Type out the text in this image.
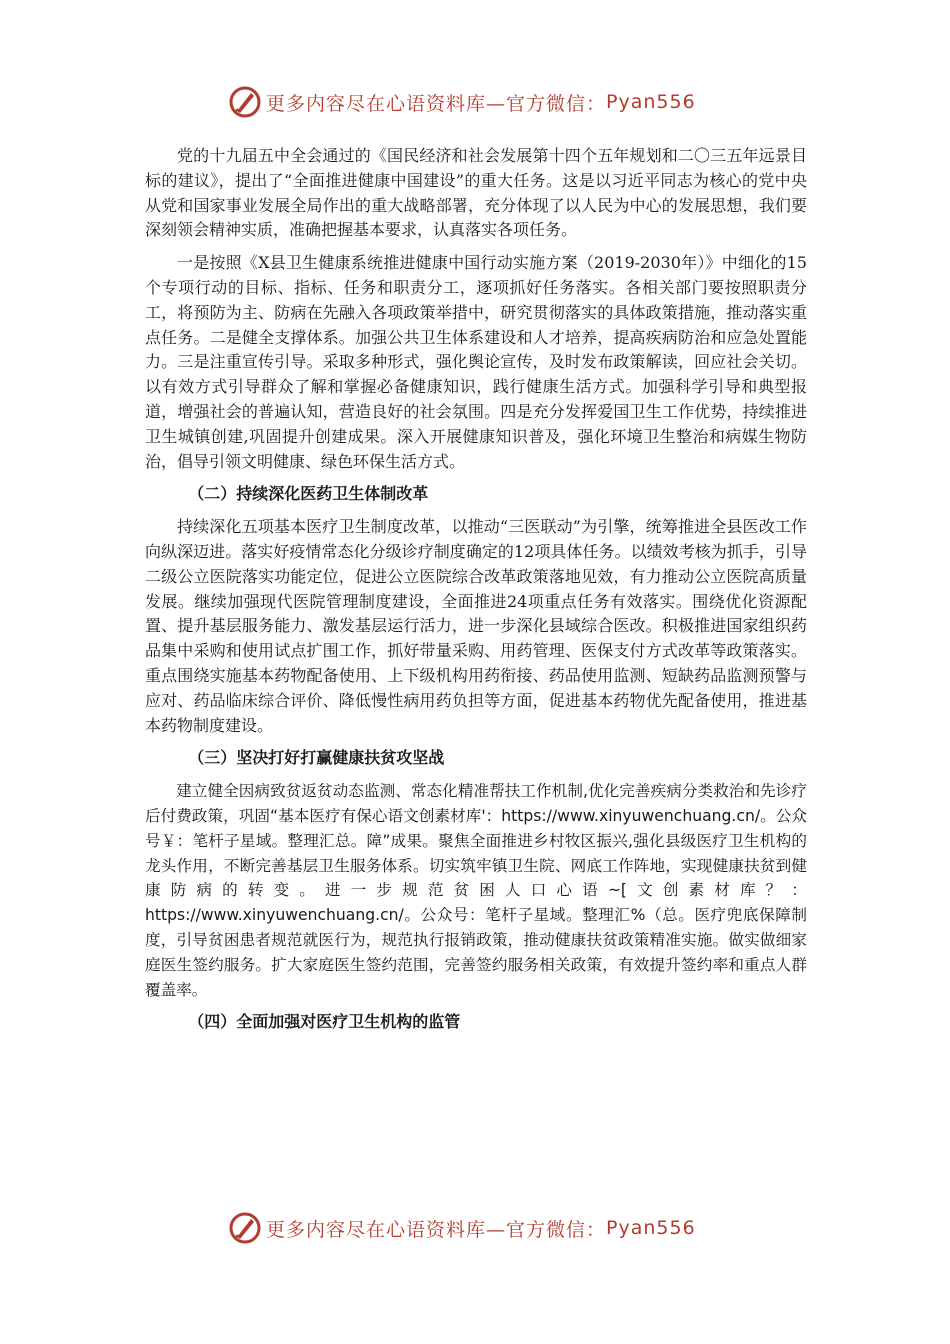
更多内容尽在心语资料库—官方微信： Pyan556

党的十九届五中全会通过的《国民经济和社会发展第十四个五年规划和二〇三五年远景目标的建议》，提出了“全面推进健康中国建设”的重大任务。这是以习近平同志为核心的党中央从党和国家事业发展全局作出的重大战略部署，充分体现了以人民为中心的发展思想，我们要深刻领会精神实质，准确把握基本要求，认真落实各项任务。

一是按照《X县卫生健康系统推进健康中国行动实施方案（2019-2030年）》中细化的15个专项行动的目标、指标、任务和职责分工，逐项抓好任务落实。各相关部门要按照职责分工，将预防为主、防病在先融入各项政策举措中，研究贯彻落实的具体政策措施，推动落实重点任务。二是健全支撑体系。加强公共卫生体系建设和人才培养，提高疾病防治和应急处置能力。三是注重宣传引导。采取多种形式，强化舆论宣传，及时发布政策解读，回应社会关切。以有效方式引导群众了解和掌握必备健康知识，践行健康生活方式。加强科学引导和典型报道，增强社会的普遍认知，营造良好的社会氛围。四是充分发挥爱国卫生工作优势，持续推进卫生城镇创建,巩固提升创建成果。深入开展健康知识普及，强化环境卫生整治和病媒生物防治，倡导引领文明健康、绿色环保生活方式。

（二）持续深化医药卫生体制改革

持续深化五项基本医疗卫生制度改革，以推动“三医联动”为引擎，统筹推进全县医改工作向纵深迈进。落实好疫情常态化分级诊疗制度确定的12项具体任务。以绩效考核为抓手，引导二级公立医院落实功能定位，促进公立医院综合改革政策落地见效，有力推动公立医院高质量发展。继续加强现代医院管理制度建设，全面推进24项重点任务有效落实。围绕优化资源配置、提升基层服务能力、激发基层运行活力，进一步深化县域综合医改。积极推进国家组织药品集中采购和使用试点扩围工作，抓好带量采购、用药管理、医保支付方式改革等政策落实。重点围绕实施基本药物配备使用、上下级机构用药衔接、药品使用监测、短缺药品监测预警与应对、药品临床综合评价、降低慢性病用药负担等方面，促进基本药物优先配备使用，推进基本药物制度建设。

（三）坚决打好打赢健康扶贫攻坚战

建立健全因病致贫返贫动态监测、常态化精准帮扶工作机制,优化完善疾病分类救治和先诊疗后付费政策，巩固“基本医疗有保心语文创素材库'：https://www.xinyuwenchuang.cn/。公众号￥：笔杆子星域。整理汇总。障”成果。聚焦全面推进乡村牧区振兴,强化县级医疗卫生机构的龙头作用，不断完善基层卫生服务体系。切实筑牢镇卫生院、网底工作阵地，实现健康扶贫到健康防病的转变。进一步规范贫困人口心语~[文创素材库？：https://www.xinyuwenchuang.cn/。公众号：笔杆子星域。整理汇%（总。医疗兜底保障制度，引导贫困患者规范就医行为，规范执行报销政策，推动健康扶贫政策精准实施。做实做细家庭医生签约服务。扩大家庭医生签约范围，完善签约服务相关政策，有效提升签约率和重点人群覆盖率。

（四）全面加强对医疗卫生机构的监管
更多内容尽在心语资料库—官方微信： Pyan556
